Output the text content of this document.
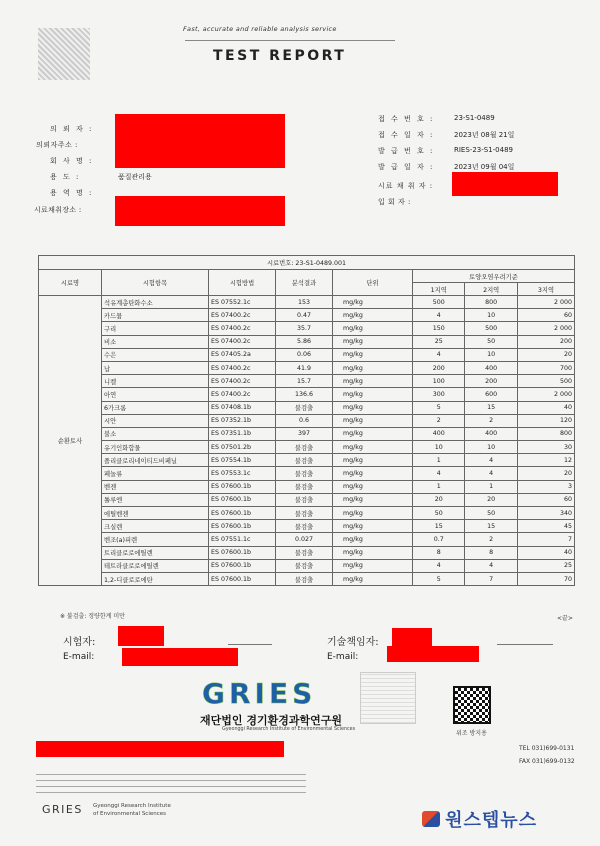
Fast, accurate and reliable analysis service
TEST REPORT
의 뢰 자 :
의뢰자주소 :
회 사 명 :
용 도 :	품질관리용
용 역 명 :
시료채취장소 :
접 수 번 호 :	23-S1-0489
접 수 일 자 :	2023년 08월 21일
발 급 번 호 :	RIES-23-S1-0489
발 급 일 자 :	2023년 09월 04일
시료 채 취 자 :
입 회 자 :
시료번호: 23-S1-0489.001							
시료명	시험항목	시험방법	분석결과	단위	토양오염우려기준		
					1지역	2지역	3지역
순환토사	석유계총탄화수소	ES 07552.1c	153	mg/kg	500	800	2 000
	카드뮴	ES 07400.2c	0.47	mg/kg	4	10	60
	구리	ES 07400.2c	35.7	mg/kg	150	500	2 000
	비소	ES 07400.2c	5.86	mg/kg	25	50	200
	수은	ES 07405.2a	0.06	mg/kg	4	10	20
	납	ES 07400.2c	41.9	mg/kg	200	400	700
	니켈	ES 07400.2c	15.7	mg/kg	100	200	500
	아연	ES 07400.2c	136.6	mg/kg	300	600	2 000
	6가크롬	ES 07408.1b	불검출	mg/kg	5	15	40
	시안	ES 07352.1b	0.6	mg/kg	2	2	120
	불소	ES 07351.1b	397	mg/kg	400	400	800
	유기인화합물	ES 07501.2b	불검출	mg/kg	10	10	30
	폴리클로리네이티드비페닐	ES 07554.1b	불검출	mg/kg	1	4	12
	페놀류	ES 07553.1c	불검출	mg/kg	4	4	20
	벤젠	ES 07600.1b	불검출	mg/kg	1	1	3
	톨루엔	ES 07600.1b	불검출	mg/kg	20	20	60
	에틸벤젠	ES 07600.1b	불검출	mg/kg	50	50	340
	크실렌	ES 07600.1b	불검출	mg/kg	15	15	45
	벤조(a)피렌	ES 07551.1c	0.027	mg/kg	0.7	2	7
	트리클로로에틸렌	ES 07600.1b	불검출	mg/kg	8	8	40
	테트라클로로에틸렌	ES 07600.1b	불검출	mg/kg	4	4	25
	1,2-디클로로에탄	ES 07600.1b	불검출	mg/kg	5	7	70
※ 불검출: 정량한계 미만	<끝>
시험자:
E-mail:
기술책임자:
E-mail:
GRIES
재단법인 경기환경과학연구원
Gyeonggi Research Institute of Environmental Sciences
위조 방지용
TEL 031)699-0131
FAX 031)699-0132
GRIES Gyeonggi Research Institute
of Environmental Sciences	원스텝뉴스
